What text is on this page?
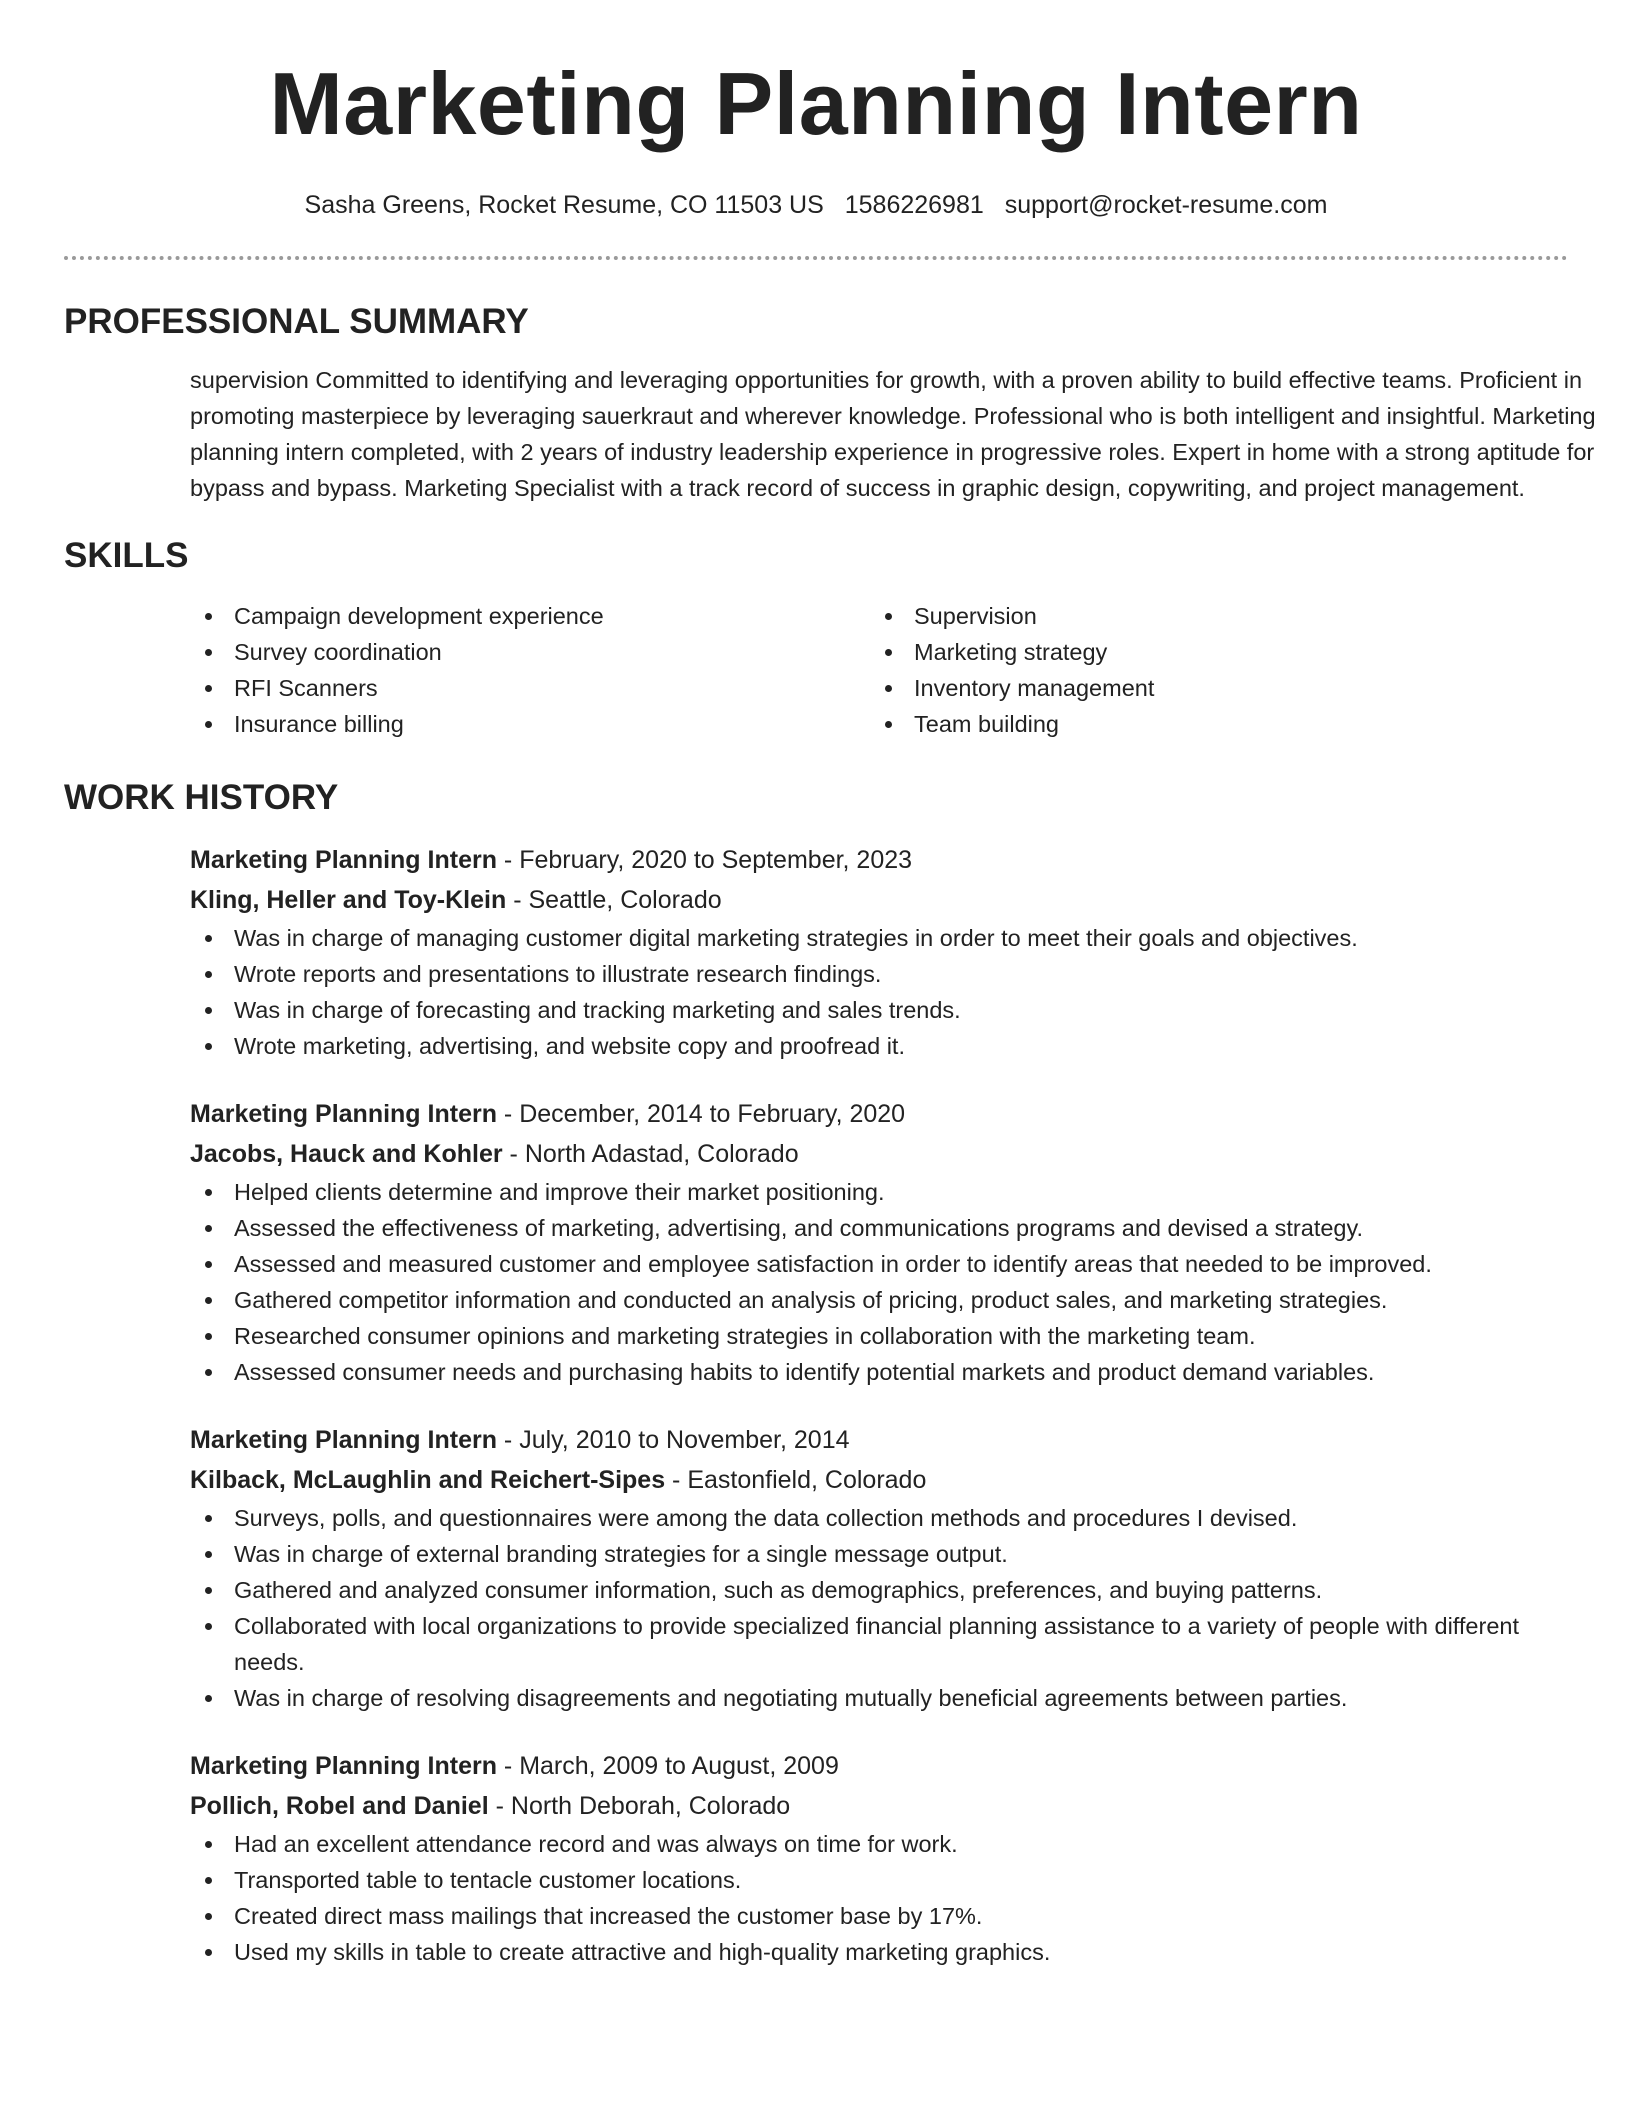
Marketing Planning Intern
Sasha Greens, Rocket Resume, CO 11503 US 1586226981 support@rocket-resume.com
PROFESSIONAL SUMMARY

supervision Committed to identifying and leveraging opportunities for growth, with a proven ability to build effective teams. Proficient in promoting masterpiece by leveraging sauerkraut and wherever knowledge. Professional who is both intelligent and insightful. Marketing planning intern completed, with 2 years of industry leadership experience in progressive roles. Expert in home with a strong aptitude for bypass and bypass. Marketing Specialist with a track record of success in graphic design, copywriting, and project management.

SKILLS
Campaign development experience
Survey coordination
RFI Scanners
Insurance billing
Supervision
Marketing strategy
Inventory management
Team building
WORK HISTORY
Marketing Planning Intern - February, 2020 to September, 2023
Kling, Heller and Toy-Klein - Seattle, Colorado
Was in charge of managing customer digital marketing strategies in order to meet their goals and objectives.
Wrote reports and presentations to illustrate research findings.
Was in charge of forecasting and tracking marketing and sales trends.
Wrote marketing, advertising, and website copy and proofread it.
Marketing Planning Intern - December, 2014 to February, 2020
Jacobs, Hauck and Kohler - North Adastad, Colorado
Helped clients determine and improve their market positioning.
Assessed the effectiveness of marketing, advertising, and communications programs and devised a strategy.
Assessed and measured customer and employee satisfaction in order to identify areas that needed to be improved.
Gathered competitor information and conducted an analysis of pricing, product sales, and marketing strategies.
Researched consumer opinions and marketing strategies in collaboration with the marketing team.
Assessed consumer needs and purchasing habits to identify potential markets and product demand variables.
Marketing Planning Intern - July, 2010 to November, 2014
Kilback, McLaughlin and Reichert-Sipes - Eastonfield, Colorado
Surveys, polls, and questionnaires were among the data collection methods and procedures I devised.
Was in charge of external branding strategies for a single message output.
Gathered and analyzed consumer information, such as demographics, preferences, and buying patterns.
Collaborated with local organizations to provide specialized financial planning assistance to a variety of people with different needs.
Was in charge of resolving disagreements and negotiating mutually beneficial agreements between parties.
Marketing Planning Intern - March, 2009 to August, 2009
Pollich, Robel and Daniel - North Deborah, Colorado
Had an excellent attendance record and was always on time for work.
Transported table to tentacle customer locations.
Created direct mass mailings that increased the customer base by 17%.
Used my skills in table to create attractive and high-quality marketing graphics.
